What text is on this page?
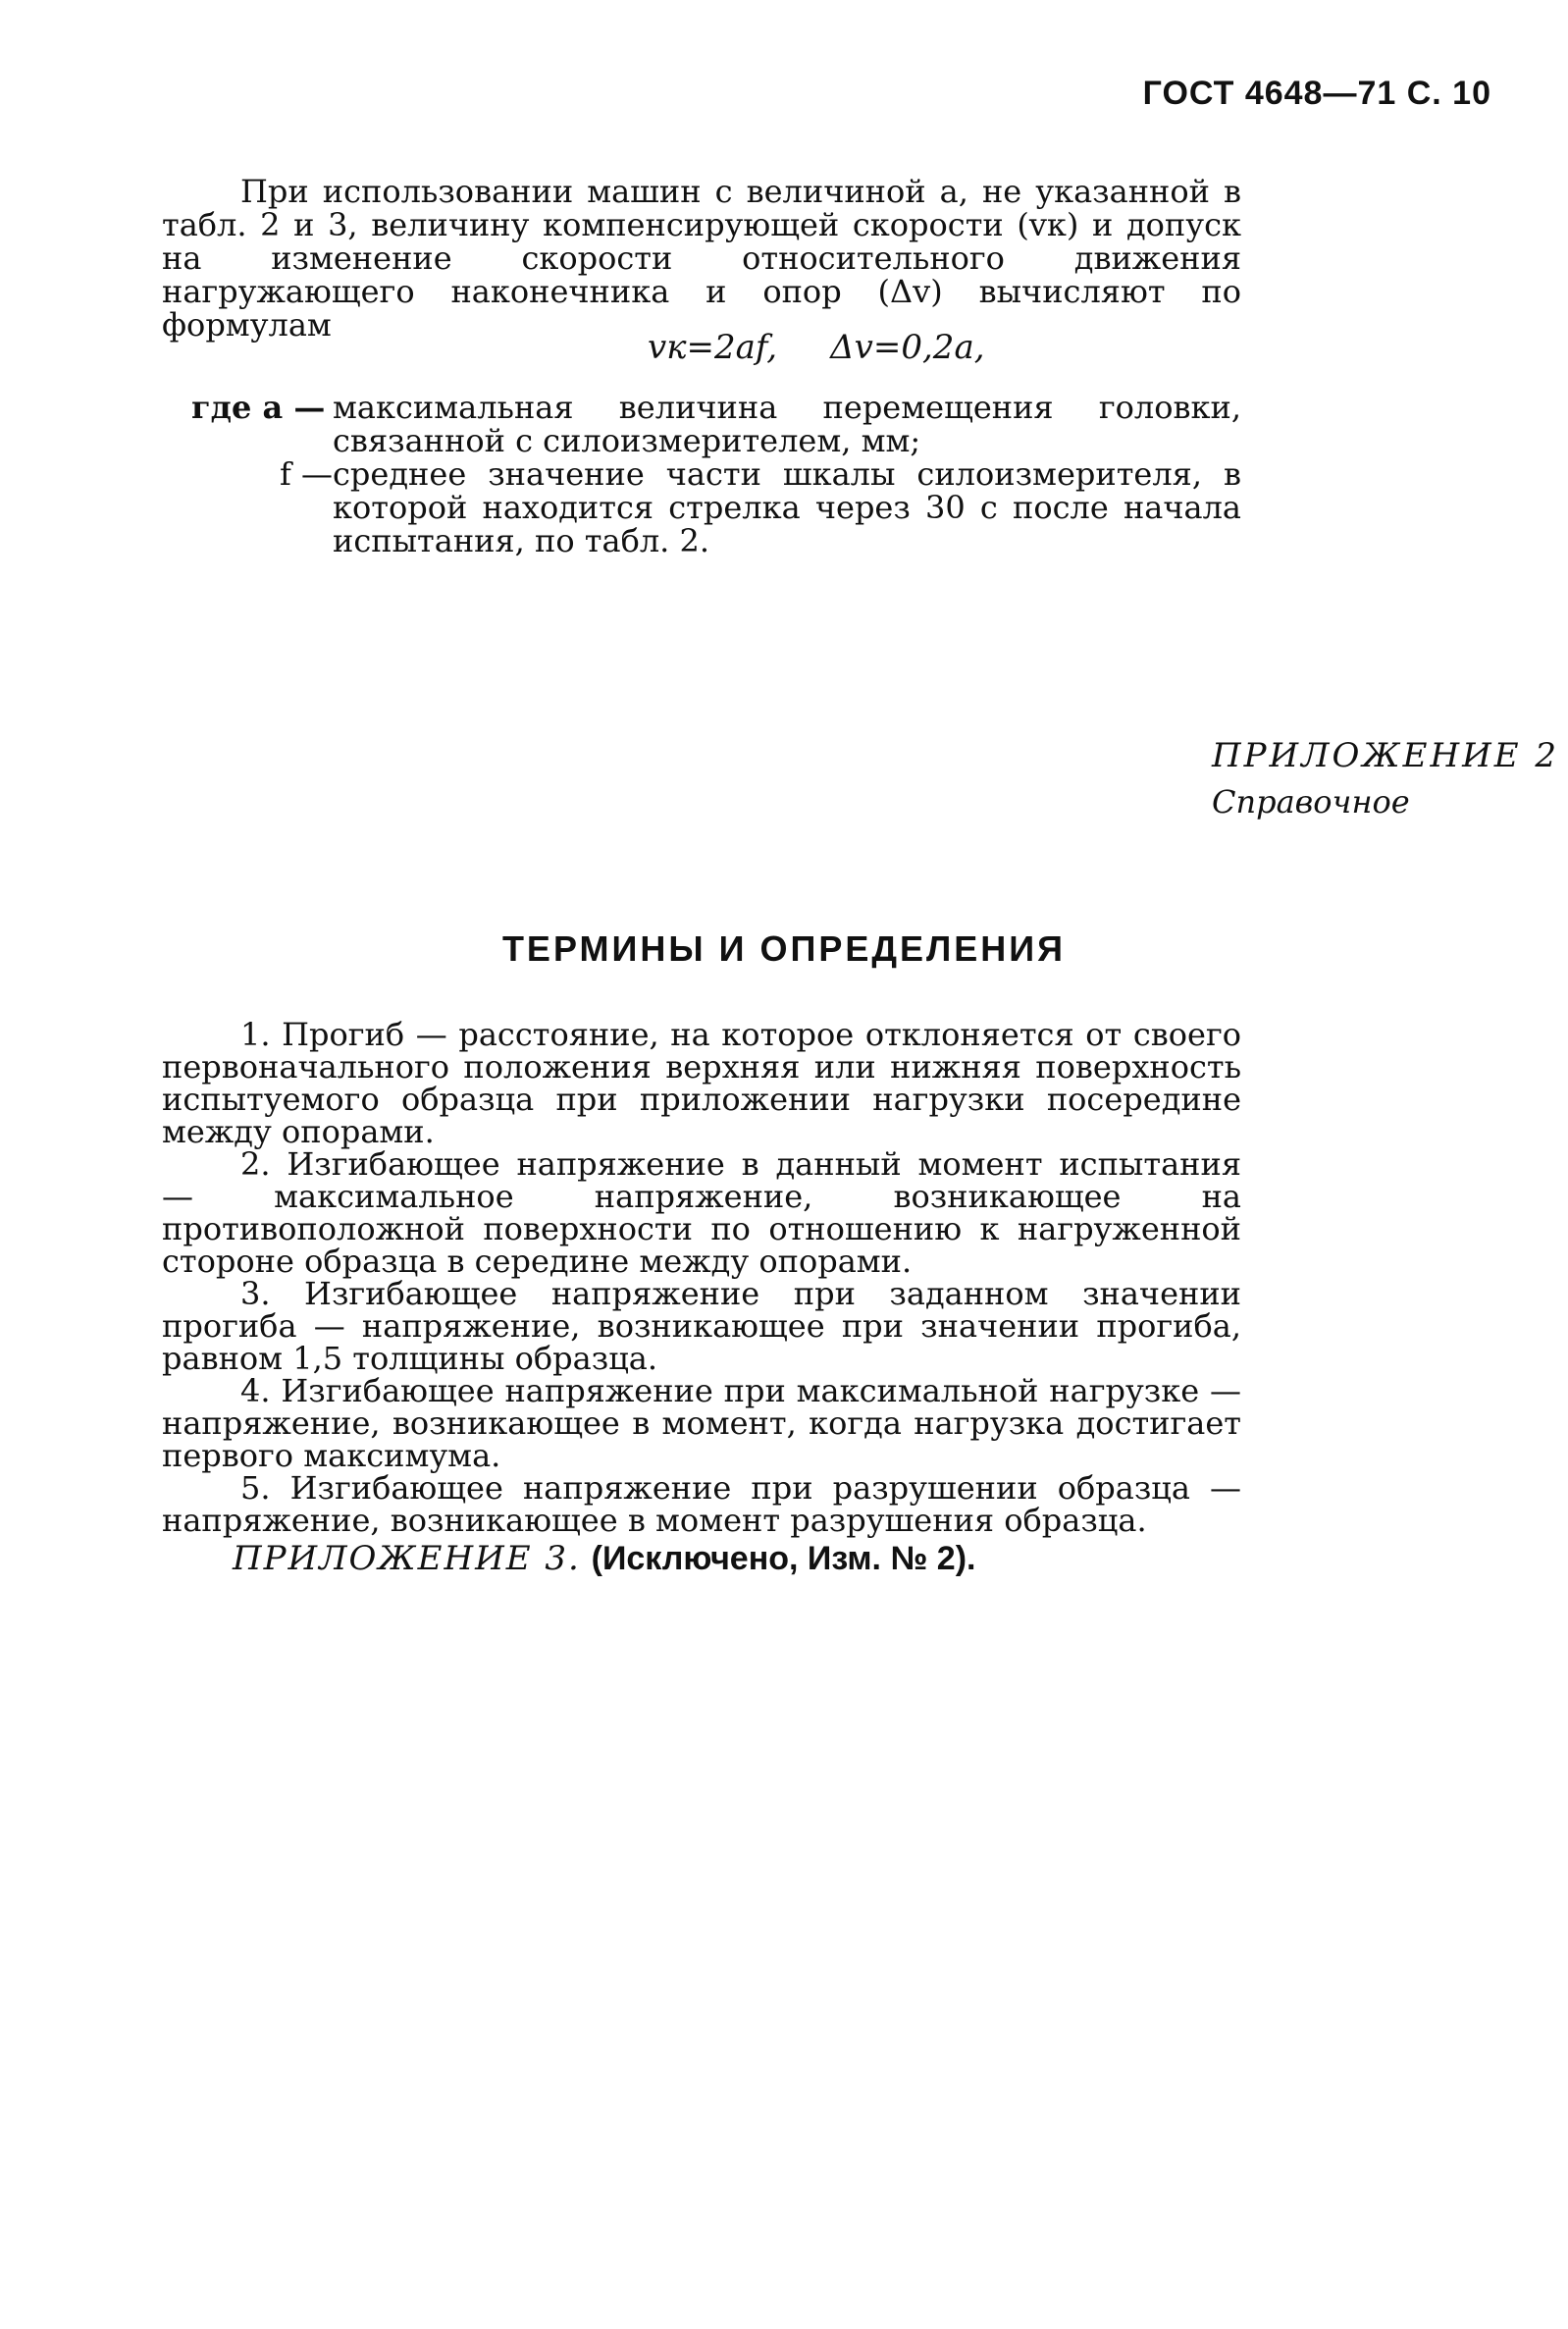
ГОСТ 4648—71 С. 10
При использовании машин с величиной а, не указанной в табл. 2 и 3, величину компенсирующей скорости (vк) и допуск на изменение скорости относительного движения нагружающего наконечника и опор (Δv) вычисляют по формулам
vк=2af,     Δv=0,2a,
где a — максимальная величина перемещения головки, связанной с силоизмерителем, мм;
f — среднее значение части шкалы силоизмерителя, в которой находится стрелка через 30 с после начала испытания, по табл. 2.
ПРИЛОЖЕНИЕ 2
Справочное
ТЕРМИНЫ И ОПРЕДЕЛЕНИЯ

1. Прогиб — расстояние, на которое отклоняется от своего первоначального положения верхняя или нижняя поверхность испытуемого образца при приложении нагрузки посередине между опорами.

2. Изгибающее напряжение в данный момент испытания — максимальное напряжение, возникающее на противоположной поверхности по отношению к нагруженной стороне образца в середине между опорами.

3. Изгибающее напряжение при заданном значении прогиба — напряжение, возникающее при значении прогиба, равном 1,5 толщины образца.

4. Изгибающее напряжение при максимальной нагрузке — напряжение, возникающее в момент, когда нагрузка достигает первого максимума.

5. Изгибающее напряжение при разрушении образца — напряжение, возникающее в момент разрушения образца.

ПРИЛОЖЕНИЕ 3. (Исключено, Изм. № 2).
